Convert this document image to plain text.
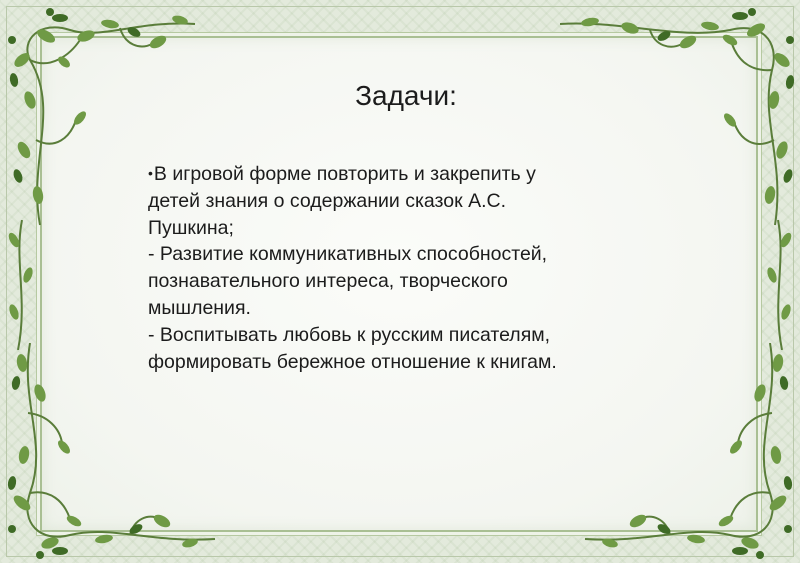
Задачи:
•В игровой форме повторить и закрепить у
детей знания о содержании сказок А.С.
Пушкина;
- Развитие коммуникативных способностей,
познавательного интереса, творческого
мышления.
- Воспитывать любовь к русским писателям,
формировать бережное отношение к книгам.
